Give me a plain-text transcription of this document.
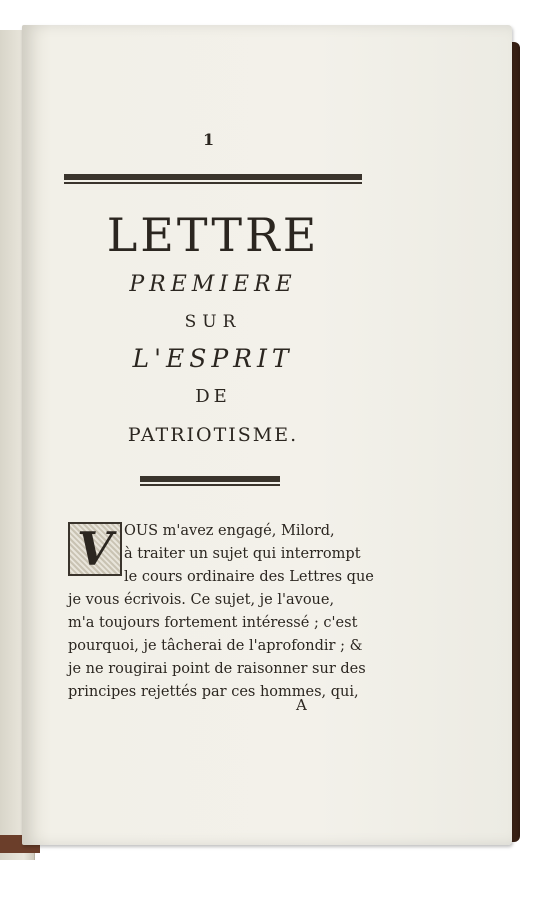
1
LETTRE
PREMIERE
SUR
L'ESPRIT
DE
PATRIOTISME.
V OUS m'avez engagé, Milord,
à traiter un sujet qui interrompt
le cours ordinaire des Lettres que
je vous écrivois. Ce sujet, je l'avoue,
m'a toujours fortement intéressé ; c'est
pourquoi, je tâcherai de l'aprofondir ; &
je ne rougirai point de raisonner sur des
principes rejettés par ces hommes, qui,
A
